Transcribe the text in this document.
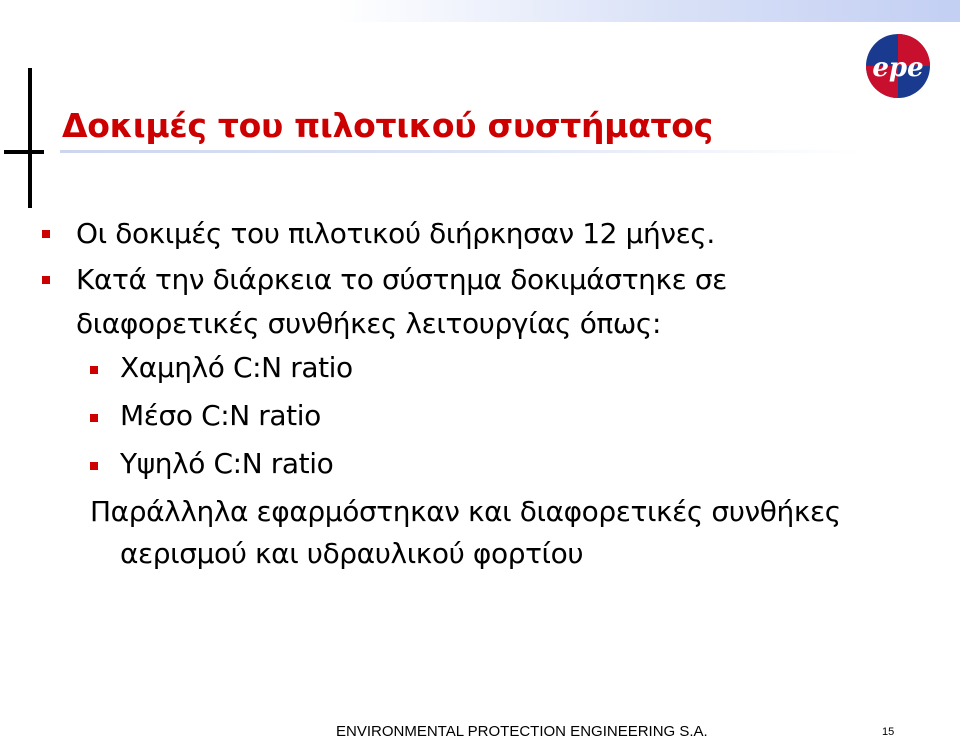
epe
Δοκιμές του πιλοτικού συστήματος

Οι δοκιμές του πιλοτικού διήρκησαν 12 μήνες.

Κατά την διάρκεια το σύστημα δοκιμάστηκε σε

διαφορετικές συνθήκες λειτουργίας όπως:

Χαμηλό C:N ratio

Μέσο C:N ratio

Υψηλό C:N ratio

Παράλληλα εφαρμόστηκαν και διαφορετικές συνθήκες

αερισμού και υδραυλικού φορτίου

ENVIRONMENTAL PROTECTION ENGINEERING S.A.	15
